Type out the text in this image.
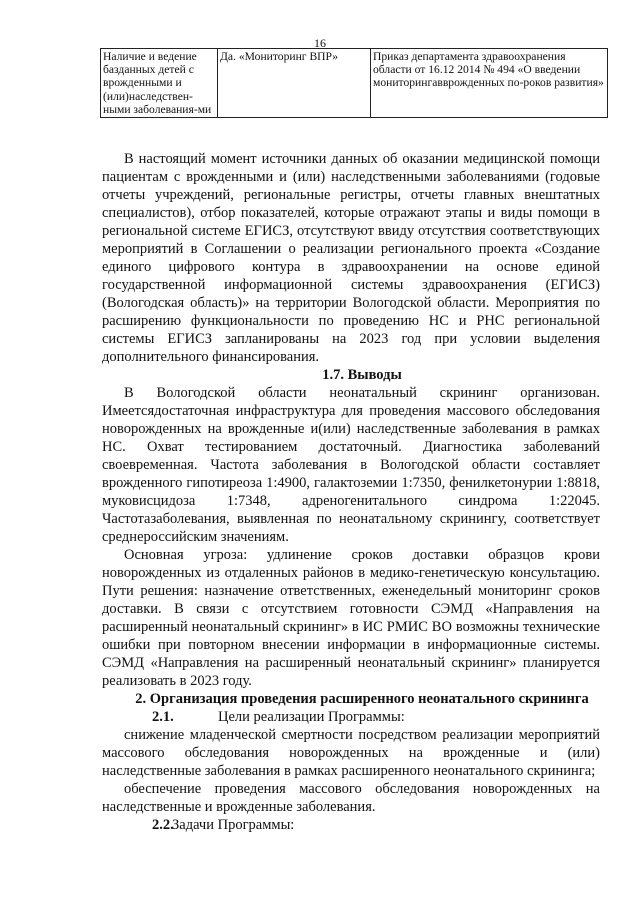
16
Наличие и ведение базданных детей с врожденными и (или)наследствен-ными заболевания-ми	Да. «Мониторинг ВПР»	Приказ департамента здравоохранения области от 16.12 2014 № 494 «О введении мониторингавврожденных по-роков развития»

В настоящий момент источники данных об оказании медицинской помощи пациентам с врожденными и (или) наследственными заболеваниями (годовые отчеты учреждений, региональные регистры, отчеты главных внештатных специалистов), отбор показателей, которые отражают этапы и виды помощи в региональной системе ЕГИСЗ, отсутствуют ввиду отсутствия соответствующих мероприятий в Соглашении о реализации регионального проекта «Создание единого цифрового контура в здравоохранении на основе единой государственной информационной системы здравоохранения (ЕГИСЗ) (Вологодская область)» на территории Вологодской области. Мероприятия по расширению функциональности по проведению НС и РНС региональной системы ЕГИСЗ запланированы на 2023 год при условии выделения дополнительного финансирования.

1.7. Выводы

В Вологодской области неонатальный скрининг организован. Имеетсядостаточная инфраструктура для проведения массового обследования новорожденных на врожденные и(или) наследственные заболевания в рамках НС. Охват тестированием достаточный. Диагностика заболеваний своевременная. Частота заболевания в Вологодской области составляет врожденного гипотиреоза 1:4900, галактоземии 1:7350, фенилкетонурии 1:8818, муковисцидоза 1:7348, адреногенитального синдрома 1:22045. Частотазаболевания, выявленная по неонатальному скринингу, соответствует среднероссийским значениям.

Основная угроза: удлинение сроков доставки образцов крови новорожденных из отдаленных районов в медико-генетическую консультацию. Пути решения: назначение ответственных, еженедельный мониторинг сроков доставки. В связи с отсутствием готовности СЭМД «Направления на расширенный неонатальный скрининг» в ИС РМИС ВО возможны технические ошибки при повторном внесении информации в информационные системы. СЭМД «Направления на расширенный неонатальный скрининг» планируется реализовать в 2023 году.

2. Организация проведения расширенного неонатального скрининга

2.1.	Цели реализации Программы:

снижение младенческой смертности посредством реализации мероприятий массового обследования новорожденных на врожденные и (или) наследственные заболевания в рамках расширенного неонатального скрининга;

обеспечение проведения массового обследования новорожденных на наследственные и врожденные заболевания.

2.2.Задачи Программы:
